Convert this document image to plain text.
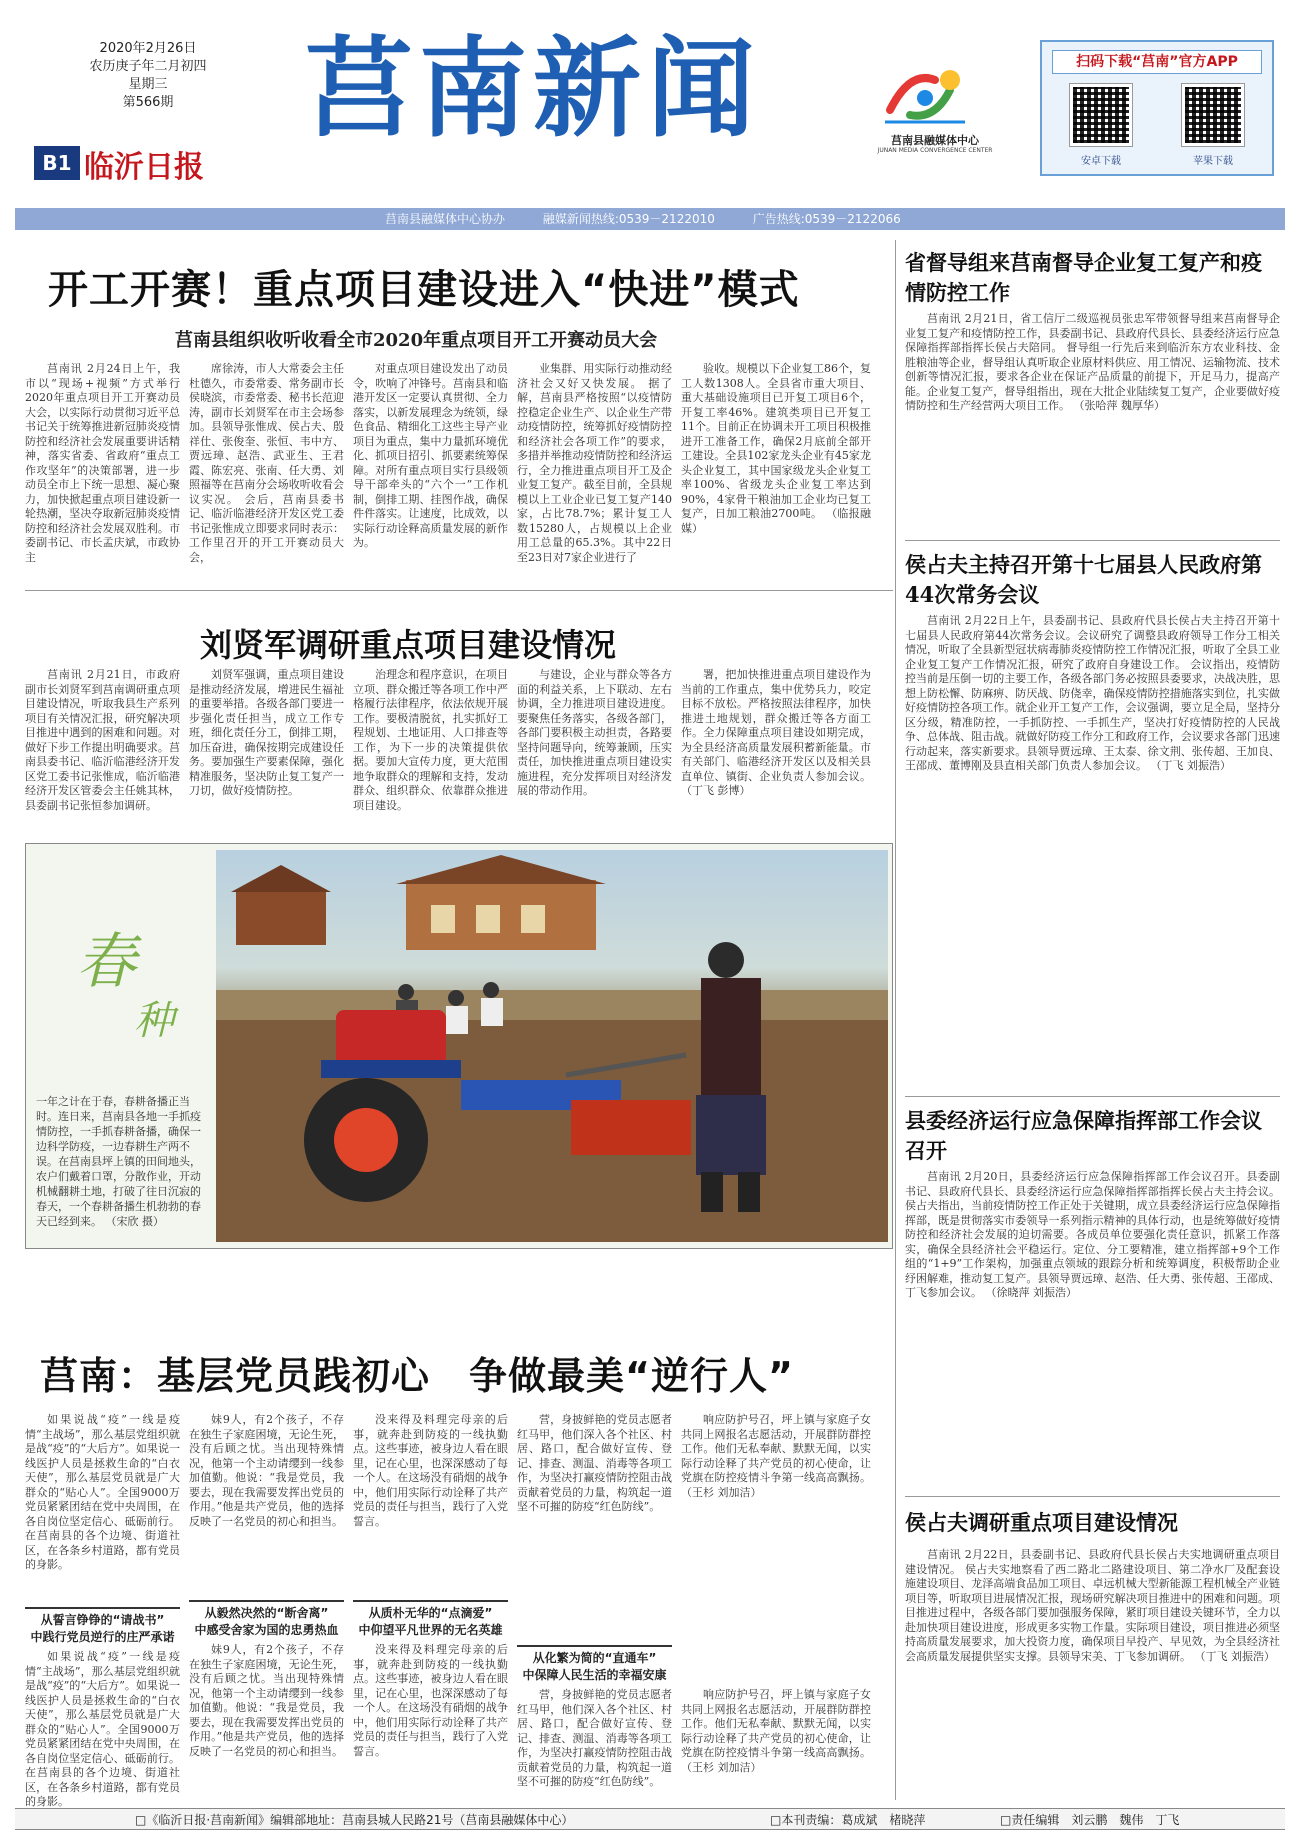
2020年2月26日
农历庚子年二月初四
星期三
第566期	莒南新闻
B1 临沂日报
莒南县融媒体中心
JUNAN MEDIA CONVERGENCE CENTER
扫码下载“莒南”官方APP
安卓下载	苹果下载
莒南县融媒体中心协办	融媒新闻热线:0539－2122010	广告热线:0539－2122066
开工开赛！重点项目建设进入“快进”模式
莒南县组织收听收看全市2020年重点项目开工开赛动员大会

莒南讯 2月24日上午，我市以“现场+视频”方式举行2020年重点项目开工开赛动员大会，以实际行动贯彻习近平总书记关于统筹推进新冠肺炎疫情防控和经济社会发展重要讲话精神，落实省委、省政府“重点工作攻坚年”的决策部署，进一步动员全市上下统一思想、凝心聚力，加快掀起重点项目建设新一轮热潮，坚决夺取新冠肺炎疫情防控和经济社会发展双胜利。市委副书记、市长孟庆斌，市政协主

席徐涛，市人大常委会主任杜德久，市委常委、常务副市长侯晓滨，市委常委、秘书长范迎涛，副市长刘贤军在市主会场参加。县领导张惟成、侯占夫、殷祥仕、张俊奎、张恒、韦中方、贾远璋、赵浩、武亚生、王君霞、陈宏亮、张南、任大勇、刘照福等在莒南分会场收听收看会议实况。 会后，莒南县委书记、临沂临港经济开发区党工委书记张惟成立即要求同时表示：工作里召开的开工开赛动员大会，

对重点项目建设发出了动员令，吹响了冲锋号。莒南县和临港开发区一定要认真贯彻、全力落实，以新发展理念为统领，绿色食品、精细化工这些主导产业项目为重点，集中力量抓环境优化、抓项目招引、抓要素统筹保障。对所有重点项目实行县级领导干部牵头的“六个一”工作机制，倒排工期、挂图作战，确保件件落实。让速度，比成效，以实际行动诠释高质量发展的新作为。

业集群、用实际行动推动经济社会又好又快发展。 据了解，莒南县严格按照“以疫情防控稳定企业生产、以企业生产带动疫情防控，统筹抓好疫情防控和经济社会各项工作”的要求，多措并举推动疫情防控和经济运行，全力推进重点项目开工及企业复工复产。截至目前，全县规模以上工业企业已复工复产140家，占比78.7%；累计复工人数15280人，占规模以上企业用工总量的65.3%。其中22日至23日对7家企业进行了

验收。规模以下企业复工86个，复工人数1308人。全县省市重大项目、重大基础设施项目已开复工项目6个，开复工率46%。建筑类项目已开复工11个。目前正在协调未开工项目积极推进开工准备工作，确保2月底前全部开工建设。全县102家龙头企业有45家龙头企业复工，其中国家级龙头企业复工率100%、省级龙头企业复工率达到90%，4家骨干粮油加工企业均已复工复产，日加工粮油2700吨。 （临报融媒）

刘贤军调研重点项目建设情况

莒南讯 2月21日，市政府副市长刘贤军到莒南调研重点项目建设情况，听取我县生产系列项目有关情况汇报，研究解决项目推进中遇到的困难和问题。对做好下步工作提出明确要求。莒南县委书记、临沂临港经济开发区党工委书记张惟成，临沂临港经济开发区管委会主任姚其林，县委副书记张恒参加调研。

刘贤军强调，重点项目建设是推动经济发展，增进民生福祉的重要举措。各级各部门要进一步强化责任担当，成立工作专班，细化责任分工，倒排工期，加压奋进，确保按期完成建设任务。要加强生产要素保障，强化精准服务，坚决防止复工复产一刀切，做好疫情防控。

治理念和程序意识，在项目立项、群众搬迁等各项工作中严格履行法律程序，依法依规开展工作。要极清脱贫，扎实抓好工程规划、土地证用、人口排查等工作，为下一步的决策提供依据。要加大宣传力度，更大范围地争取群众的理解和支持，发动群众、组织群众、依靠群众推进项目建设。

与建设，企业与群众等各方面的利益关系，上下联动、左右协调，全力推进项目建设进度。要聚焦任务落实，各级各部门，各部门要积极主动担责，各路要坚持问题导向，统筹兼顾，压实责任，加快推进重点项目建设实施进程，充分发挥项目对经济发展的带动作用。

署，把加快推进重点项目建设作为当前的工作重点，集中优势兵力，咬定目标不放松。严格按照法律程序，加快推进土地规划，群众搬迁等各方面工作。全力保障重点项目建设如期完成，为全县经济高质量发展积蓄新能量。市有关部门、临港经济开发区以及相关县直单位、镇街、企业负责人参加会议。 （丁飞 彭博）

春
种
一年之计在于春，春耕备播正当时。连日来，莒南县各地一手抓疫情防控，一手抓春耕备播，确保一边科学防疫，一边春耕生产两不误。在莒南县坪上镇的田间地头，农户们戴着口罩，分散作业，开动机械翻耕土地，打破了往日沉寂的春天，一个春耕备播生机勃勃的春天已经到来。 （宋欣 摄）
莒南：基层党员践初心　争做最美“逆行人”

如果说战“疫”一线是疫情“主战场”，那么基层党组织就是战“疫”的“大后方”。如果说一线医护人员是拯救生命的“白衣天使”，那么基层党员就是广大群众的“贴心人”。全国9000万党员紧紧团结在党中央周围，在各自岗位坚定信心、砥砺前行。在莒南县的各个边境、街道社区，在各条乡村道路，都有党员的身影。

妹9人，有2个孩子，不存在独生子家庭困境，无论生死，没有后顾之忧。当出现特殊情况，他第一个主动请缨到一线参加值勤。他说：“我是党员，我要去，现在我需要发挥出党员的作用。”他是共产党员，他的选择反映了一名党员的初心和担当。

没来得及料理完母亲的后事，就奔赴到防疫的一线执勤点。这些事迹，被身边人看在眼里，记在心里，也深深感动了每一个人。在这场没有硝烟的战争中，他们用实际行动诠释了共产党员的责任与担当，践行了入党誓言。

营，身披鲜艳的党员志愿者红马甲，他们深入各个社区、村居、路口，配合做好宣传、登记、排查、测温、消毒等各项工作，为坚决打赢疫情防控阻击战贡献着党员的力量，构筑起一道坚不可摧的防疫“红色防线”。

响应防护号召，坪上镇与家庭子女共同上网报名志愿活动，开展群防群控工作。他们无私奉献、默默无闻，以实际行动诠释了共产党员的初心使命，让党旗在防控疫情斗争第一线高高飘扬。 （王杉 刘加洁）

从誓言铮铮的“请战书”
中践行党员逆行的庄严承诺

如果说战“疫”一线是疫情“主战场”，那么基层党组织就是战“疫”的“大后方”。如果说一线医护人员是拯救生命的“白衣天使”，那么基层党员就是广大群众的“贴心人”。全国9000万党员紧紧团结在党中央周围，在各自岗位坚定信心、砥砺前行。在莒南县的各个边境、街道社区，在各条乡村道路，都有党员的身影。

从毅然决然的“断舍离”
中感受舍家为国的忠勇热血

妹9人，有2个孩子，不存在独生子家庭困境，无论生死，没有后顾之忧。当出现特殊情况，他第一个主动请缨到一线参加值勤。他说：“我是党员，我要去，现在我需要发挥出党员的作用。”他是共产党员，他的选择反映了一名党员的初心和担当。

从质朴无华的“点滴爱”
中仰望平凡世界的无名英雄

没来得及料理完母亲的后事，就奔赴到防疫的一线执勤点。这些事迹，被身边人看在眼里，记在心里，也深深感动了每一个人。在这场没有硝烟的战争中，他们用实际行动诠释了共产党员的责任与担当，践行了入党誓言。

从化繁为简的“直通车”
中保障人民生活的幸福安康

营，身披鲜艳的党员志愿者红马甲，他们深入各个社区、村居、路口，配合做好宣传、登记、排查、测温、消毒等各项工作，为坚决打赢疫情防控阻击战贡献着党员的力量，构筑起一道坚不可摧的防疫“红色防线”。

响应防护号召，坪上镇与家庭子女共同上网报名志愿活动，开展群防群控工作。他们无私奉献、默默无闻，以实际行动诠释了共产党员的初心使命，让党旗在防控疫情斗争第一线高高飘扬。 （王杉 刘加洁）

省督导组来莒南督导企业复工复产和疫情防控工作

莒南讯 2月21日，省工信厅二级巡视员张忠军带领督导组来莒南督导企业复工复产和疫情防控工作，县委副书记、县政府代县长、县委经济运行应急保障指挥部指挥长侯占夫陪同。 督导组一行先后来到临沂东方农业科技、金胜粮油等企业，督导组认真听取企业原材料供应、用工情况、运输物流、技术创新等情况汇报，要求各企业在保证产品质量的前提下，开足马力，提高产能。企业复工复产，督导组指出，现在大批企业陆续复工复产，企业要做好疫情防控和生产经营两大项目工作。 （张哈萍 魏厚华）

侯占夫主持召开第十七届县人民政府第44次常务会议

莒南讯 2月22日上午，县委副书记、县政府代县长侯占夫主持召开第十七届县人民政府第44次常务会议。会议研究了调整县政府领导工作分工相关情况，听取了全县新型冠状病毒肺炎疫情防控工作情况汇报，听取了全县工业企业复工复产工作情况汇报，研究了政府自身建设工作。 会议指出，疫情防控当前是压倒一切的主要工作，各级各部门务必按照县委要求，决战决胜，思想上防松懈、防麻痹、防厌战、防侥幸，确保疫情防控措施落实到位，扎实做好疫情防控各项工作。就企业开工复产工作，会议强调，要立足全局，坚持分区分级，精准防控，一手抓防控、一手抓生产，坚决打好疫情防控的人民战争、总体战、阻击战。就做好防疫工作分工和政府工作，会议要求各部门迅速行动起来，落实新要求。县领导贾远璋、王太泰、徐文荆、张传超、王加良、王邵成、董博刚及县直相关部门负责人参加会议。 （丁飞 刘振浩）

县委经济运行应急保障指挥部工作会议召开

莒南讯 2月20日，县委经济运行应急保障指挥部工作会议召开。县委副书记、县政府代县长、县委经济运行应急保障指挥部指挥长侯占夫主持会议。 侯占夫指出，当前疫情防控工作正处于关键期，成立县委经济运行应急保障指挥部，既是贯彻落实市委领导一系列指示精神的具体行动，也是统筹做好疫情防控和经济社会发展的迫切需要。各成员单位要强化责任意识，抓紧工作落实，确保全县经济社会平稳运行。定位、分工要精准，建立指挥部+9个工作组的“1+9”工作架构，加强重点领域的跟踪分析和统筹调度，积极帮助企业纾困解难，推动复工复产。县领导贾远璋、赵浩、任大勇、张传超、王邵成、丁飞参加会议。 （徐晓萍 刘振浩）

侯占夫调研重点项目建设情况

莒南讯 2月22日，县委副书记、县政府代县长侯占夫实地调研重点项目建设情况。 侯占夫实地察看了西二路北二路建设项目、第二净水厂及配套设施建设项目、龙泽高端食品加工项目、卓远机械大型新能源工程机械全产业链项目等，听取项目进展情况汇报，现场研究解决项目推进中的困难和问题。项目推进过程中，各级各部门要加强服务保障，紧盯项目建设关键环节，全力以赴加快项目建设进度，形成更多实物工作量。实际项目建设，项目推进必须坚持高质量发展要求，加大投资力度，确保项目早投产、早见效，为全县经济社会高质量发展提供坚实支撑。县领导宋美、丁飞参加调研。 （丁飞 刘振浩）

□《临沂日报·莒南新闻》编辑部地址：莒南县城人民路21号（莒南县融媒体中心）	□本刊责编：葛成斌　楮晓萍	□责任编辑　刘云鹏　魏伟　丁飞
